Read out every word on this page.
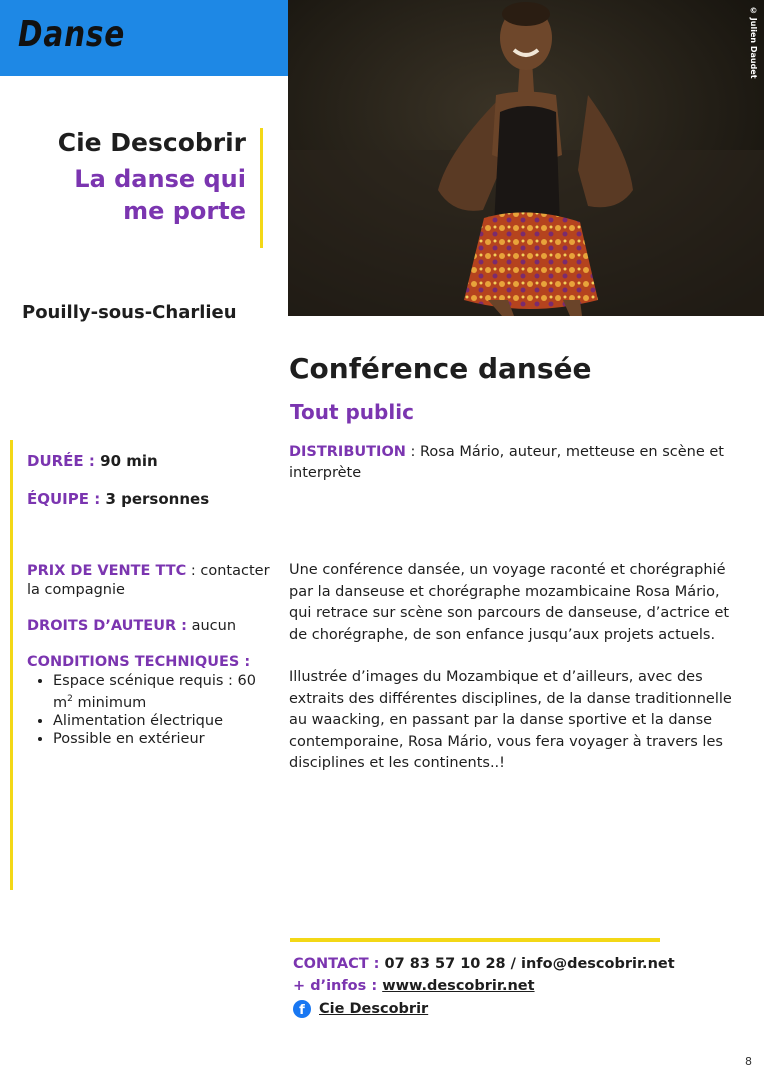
Danse	© Julien Daudet
Cie Descobrir
La danse qui
me porte
Pouilly-sous-Charlieu
DURÉE : 90 min
ÉQUIPE : 3 personnes
PRIX DE VENTE TTC : contacter la compagnie
DROITS D’AUTEUR : aucun
CONDITIONS TECHNIQUES :
• Espace scénique requis : 60 $m^2$ minimum
• Alimentation électrique
• Possible en extérieur
Conférence dansée
Tout public
DISTRIBUTION : Rosa Mário, auteur, metteuse en scène et interprète

Une conférence dansée, un voyage raconté et chorégraphié par la danseuse et chorégraphe mozambicaine Rosa Mário, qui retrace sur scène son parcours de danseuse, d’actrice et de chorégraphe, de son enfance jusqu’aux projets actuels.

Illustrée d’images du Mozambique et d’ailleurs, avec des extraits des différentes disciplines, de la danse traditionnelle au waacking, en passant par la danse sportive et la danse contemporaine, Rosa Mário, vous fera voyager à travers les disciplines et les continents..!

CONTACT : 07 83 57 10 28 / info@descobrir.net
+ d’infos : www.descobrir.net
f Cie Descobrir
8
